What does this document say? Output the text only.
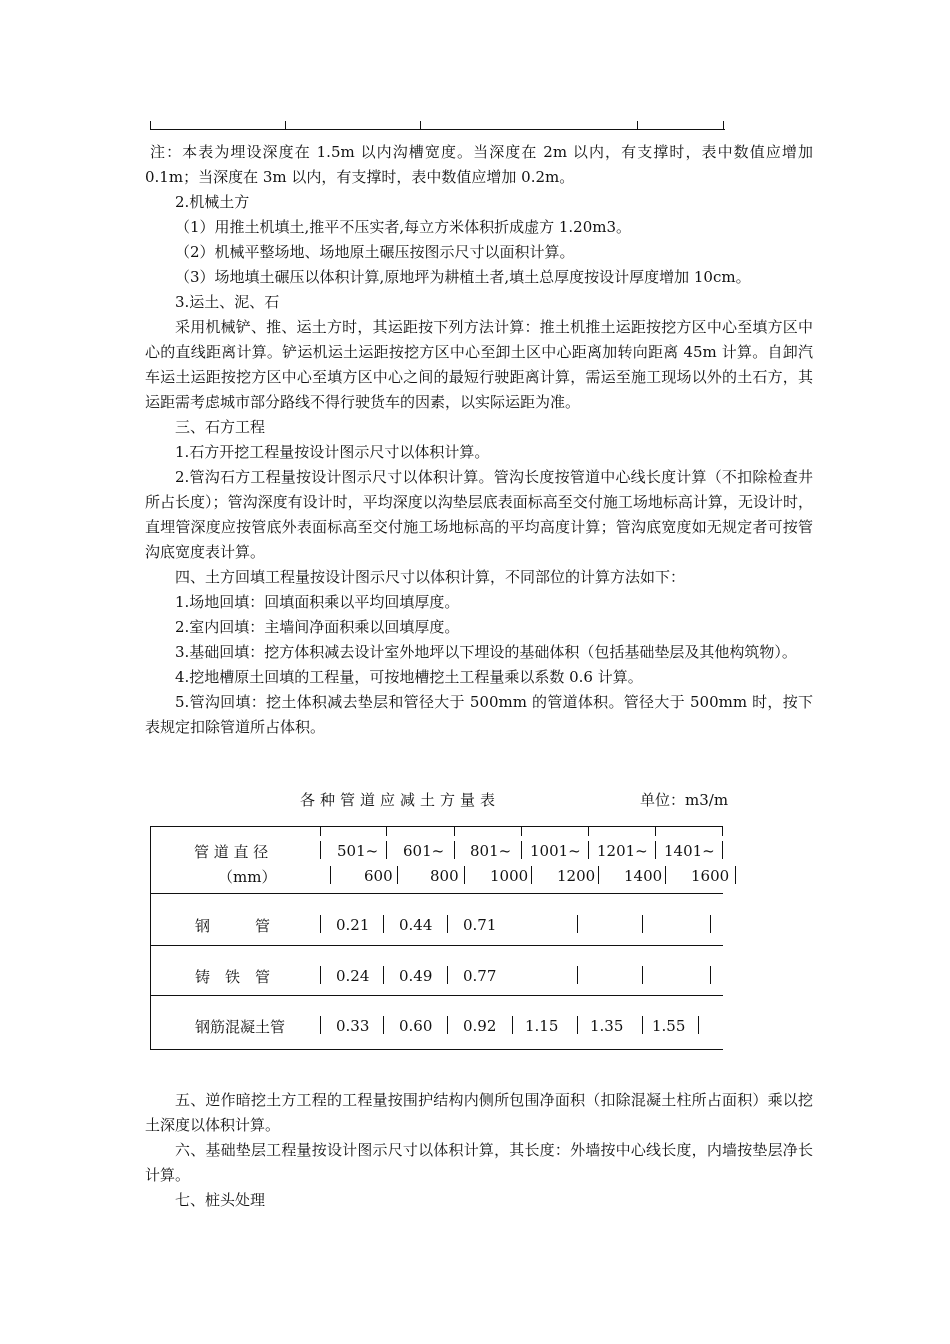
注：本表为埋设深度在 1.5m 以内沟槽宽度。当深度在 2m 以内，有支撑时，表中数值应增加 0.1m；当深度在 3m 以内，有支撑时，表中数值应增加 0.2m。

2.机械土方

（1）用推土机填土,推平不压实者,每立方米体积折成虚方 1.20m3。

（2）机械平整场地、场地原土碾压按图示尺寸以面积计算。

（3）场地填土碾压以体积计算,原地坪为耕植土者,填土总厚度按设计厚度增加 10cm。

3.运土、泥、石

采用机械铲、推、运土方时，其运距按下列方法计算：推土机推土运距按挖方区中心至填方区中心的直线距离计算。铲运机运土运距按挖方区中心至卸土区中心距离加转向距离 45m 计算。自卸汽车运土运距按挖方区中心至填方区中心之间的最短行驶距离计算，需运至施工现场以外的土石方，其运距需考虑城市部分路线不得行驶货车的因素，以实际运距为准。

三、石方工程

1.石方开挖工程量按设计图示尺寸以体积计算。

2.管沟石方工程量按设计图示尺寸以体积计算。管沟长度按管道中心线长度计算（不扣除检查井所占长度）；管沟深度有设计时，平均深度以沟垫层底表面标高至交付施工场地标高计算，无设计时，直埋管深度应按管底外表面标高至交付施工场地标高的平均高度计算；管沟底宽度如无规定者可按管沟底宽度表计算。

四、土方回填工程量按设计图示尺寸以体积计算，不同部位的计算方法如下：

1.场地回填：回填面积乘以平均回填厚度。

2.室内回填：主墙间净面积乘以回填厚度。

3.基础回填：挖方体积减去设计室外地坪以下埋设的基础体积（包括基础垫层及其他构筑物）。

4.挖地槽原土回填的工程量，可按地槽挖土工程量乘以系数 0.6 计算。

5.管沟回填：挖土体积减去垫层和管径大于 500mm 的管道体积。管径大于 500mm 时，按下表规定扣除管道所占体积。

各种管道应减土方量表	单位：m3/m
管 道 直 径
（mm）
501~ 601~ 801~ 1001~ 1201~ 1401~
600 800 1000 1200 1400 1600
钢　　　管	0.21 0.44 0.71
铸　铁　管	0.24 0.49 0.77
钢筋混凝土管	0.33 0.60 0.92 1.15 1.35 1.55

五、逆作暗挖土方工程的工程量按围护结构内侧所包围净面积（扣除混凝土柱所占面积）乘以挖土深度以体积计算。

六、基础垫层工程量按设计图示尺寸以体积计算，其长度：外墙按中心线长度，内墙按垫层净长计算。

七、桩头处理
